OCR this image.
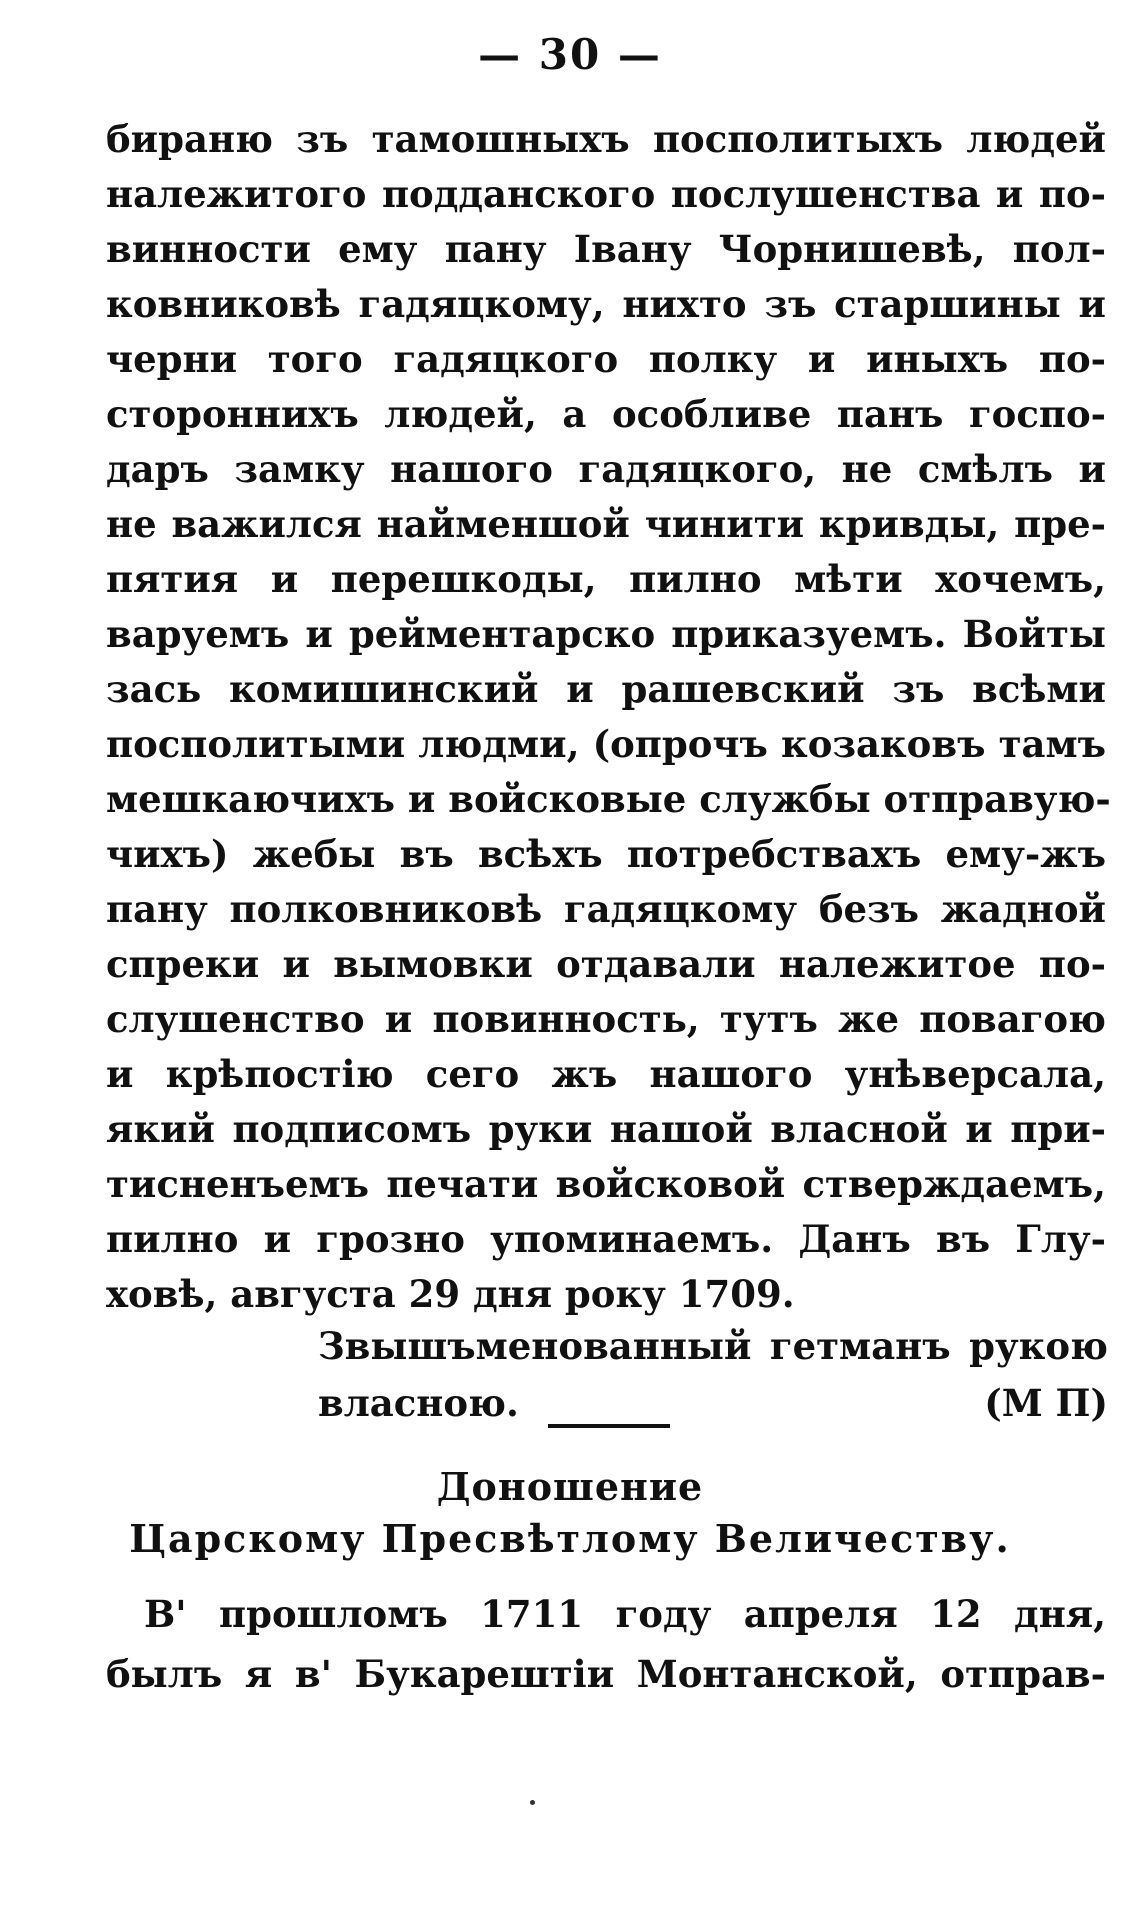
— 30 —
бираню зъ тамошныхъ посполитыхъ людей
належитого подданского послушенства и по-
винности ему пану Івану Чорнишевѣ, пол-
ковниковѣ гадяцкому, нихто зъ старшины и
черни того гадяцкого полку и иныхъ по-
стороннихъ людей, а особливе панъ госпо-
даръ замку нашого гадяцкого, не смѣлъ и
не важился найменшой чинити кривды, пре-
пятия и перешкоды, пилно мѣти хочемъ,
варуемъ и рейментарско приказуемъ. Войты
зась комишинский и рашевский зъ всѣми
посполитыми людми, (опрочъ козаковъ тамъ
мешкаючихъ и войсковые службы отправую-
чихъ) жебы въ всѣхъ потребствахъ ему-жъ
пану полковниковѣ гадяцкому безъ жадной
спреки и вымовки отдавали належитое по-
слушенство и повинность, тутъ же повагою
и крѣпостію сего жъ нашого унѣверсала,
який подписомъ руки нашой власной и при-
тисненъемъ печати войсковой стверждаемъ,
пилно и грозно упоминаемъ. Данъ въ Глу-
ховѣ, августа 29 дня року 1709.
Звышъменованный гетманъ рукою
власною.	(М П)
Доношение
Царскому Пресвѣтлому Величеству.
В' прошломъ 1711 году апреля 12 дня,
былъ я в' Букарештіи Монтанской, отправ-
